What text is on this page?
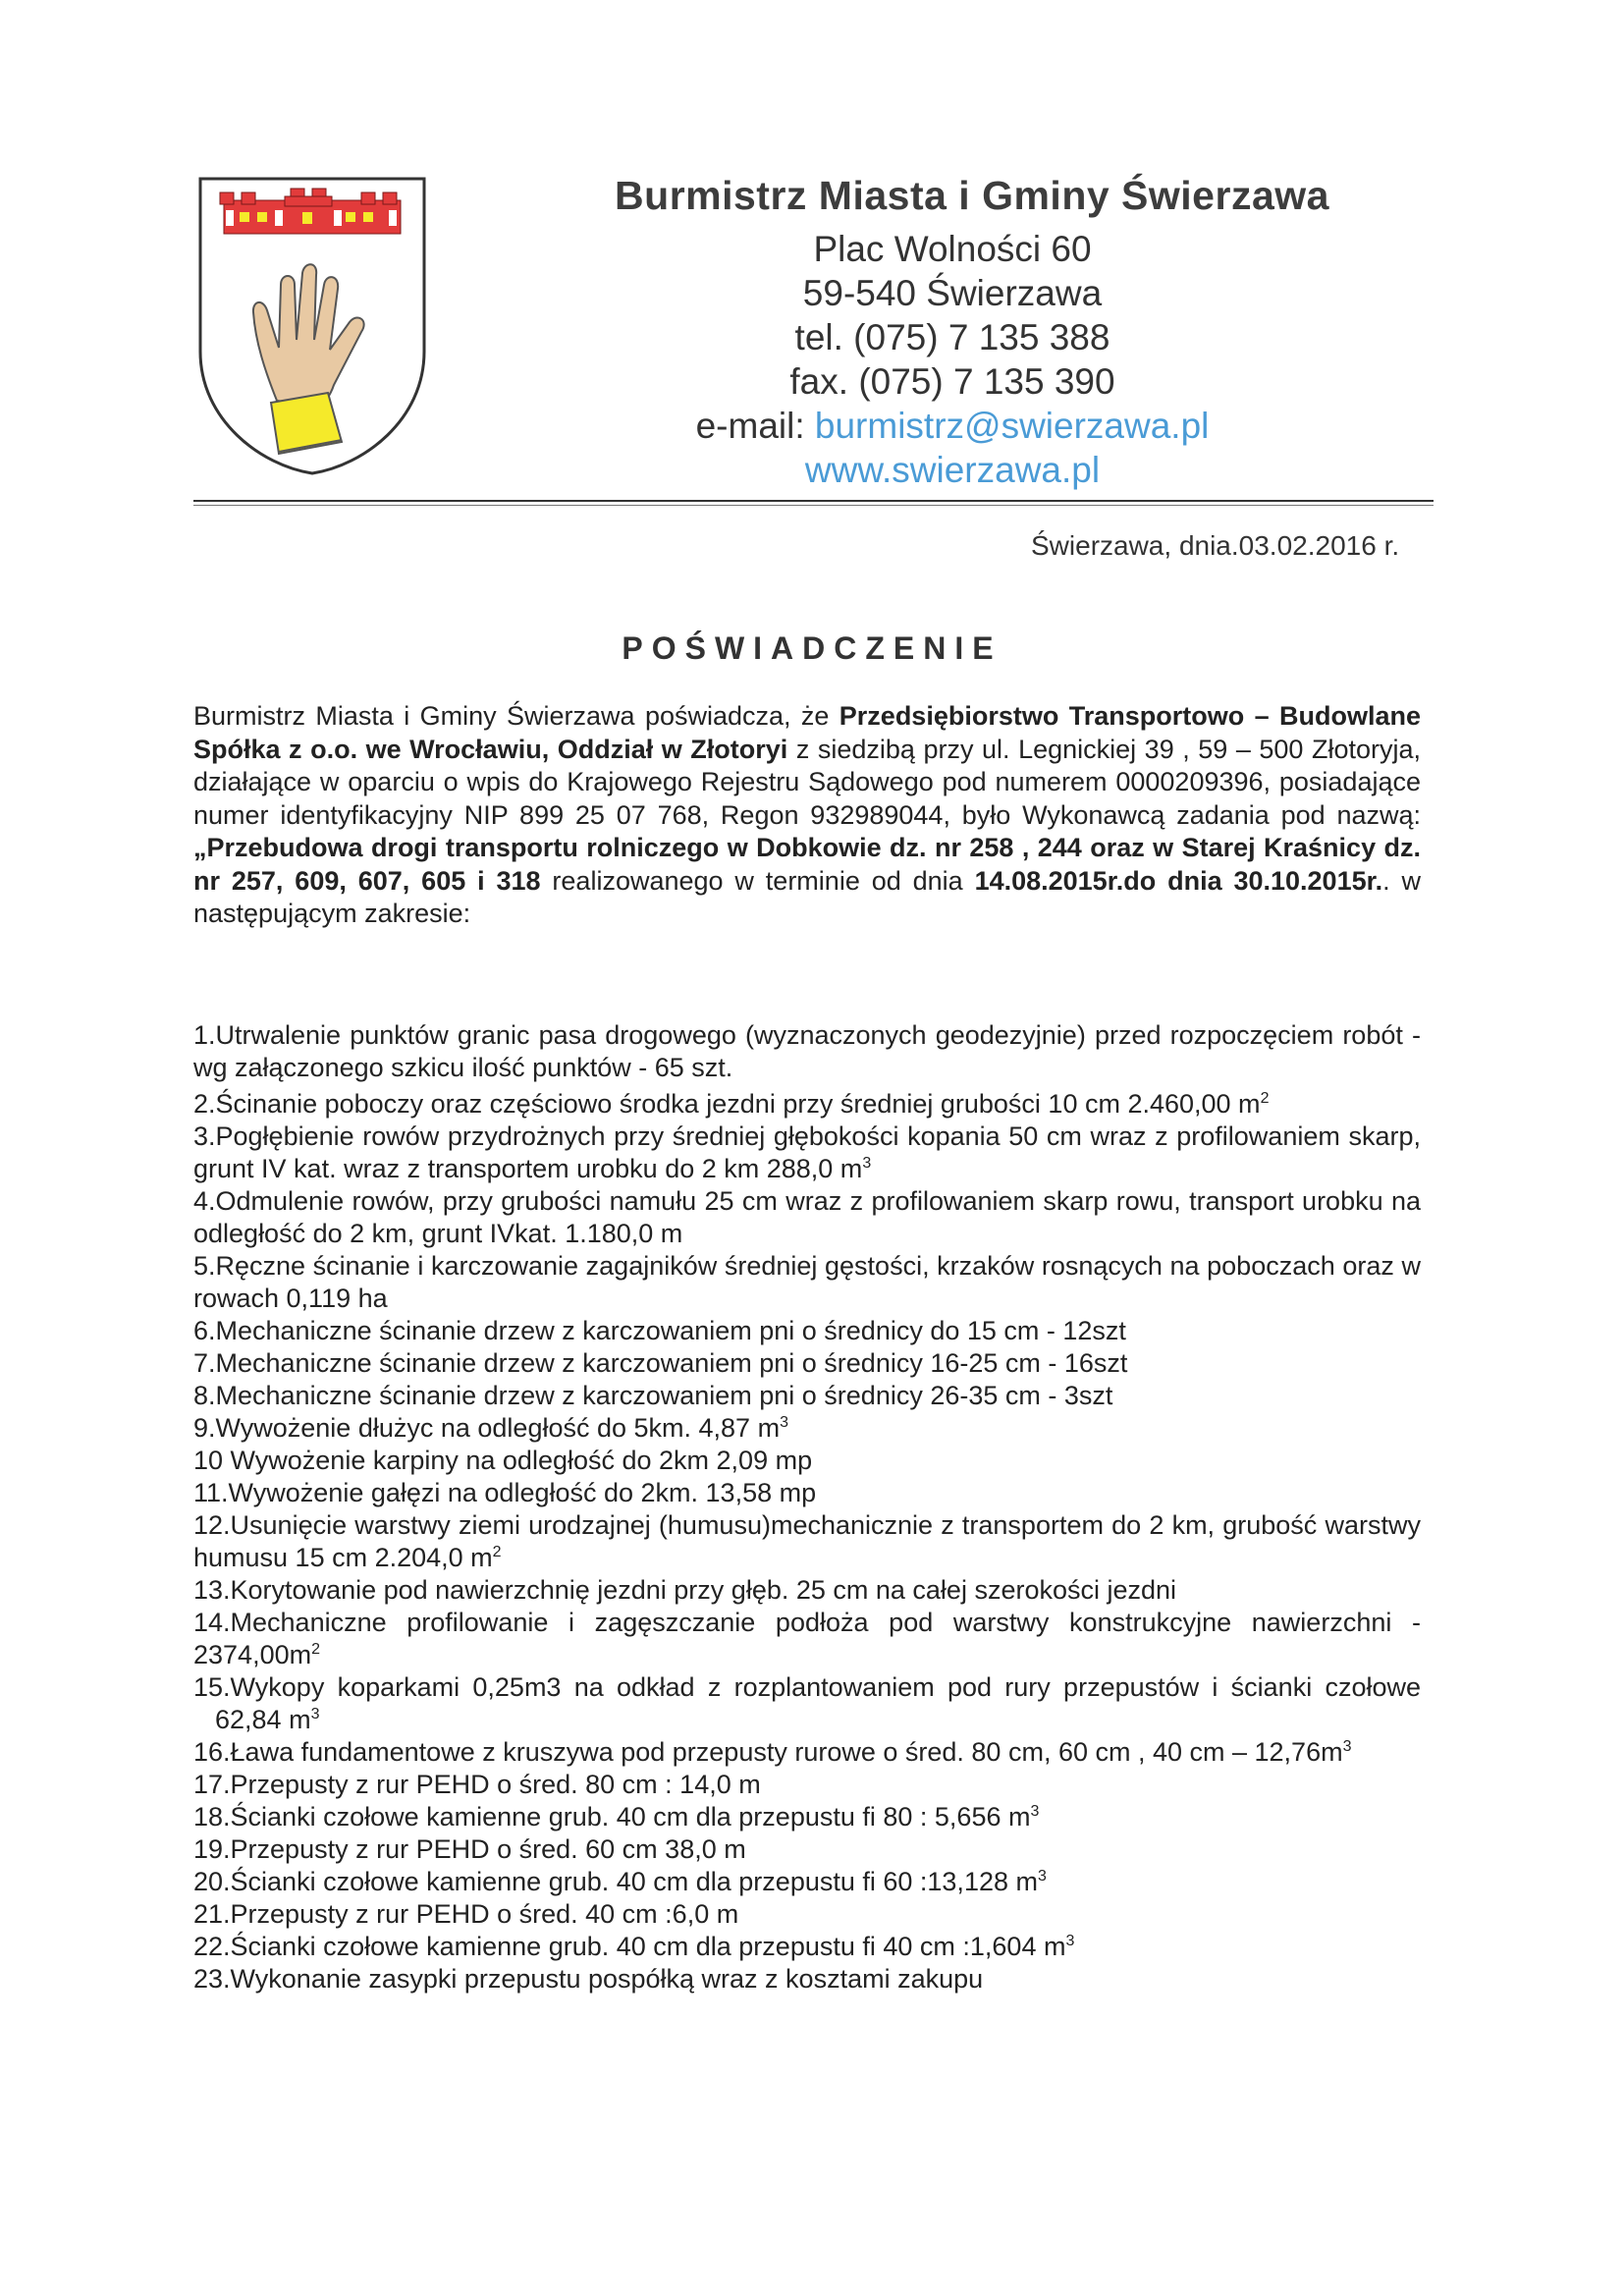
Burmistrz Miasta i Gminy Świerzawa
Plac Wolności 60
59-540 Świerzawa
tel. (075) 7 135 388
fax. (075) 7 135 390
e-mail: burmistrz@swierzawa.pl
www.swierzawa.pl
Świerzawa, dnia.03.02.2016 r.
POŚWIADCZENIE
Burmistrz Miasta i Gminy Świerzawa poświadcza, że Przedsiębiorstwo Transportowo – Budowlane Spółka z o.o. we Wrocławiu, Oddział w Złotoryi z siedzibą przy ul. Legnickiej 39 , 59 – 500 Złotoryja, działające w oparciu o wpis do Krajowego Rejestru Sądowego pod numerem 0000209396, posiadające numer identyfikacyjny NIP 899 25 07 768, Regon 932989044, było Wykonawcą zadania pod nazwą: „Przebudowa drogi transportu rolniczego w Dobkowie dz. nr 258 , 244 oraz w Starej Kraśnicy dz. nr 257, 609, 607, 605 i 318 realizowanego w terminie od dnia 14.08.2015r.do dnia 30.10.2015r.. w następującym zakresie:
1.Utrwalenie punktów granic pasa drogowego (wyznaczonych geodezyjnie) przed rozpoczęciem robót - wg załączonego szkicu ilość punktów - 65 szt.
2.Ścinanie poboczy oraz częściowo środka jezdni przy średniej grubości 10 cm 2.460,00 $m^2$
3.Pogłębienie rowów przydrożnych przy średniej głębokości kopania 50 cm wraz z profilowaniem skarp, grunt IV kat. wraz z transportem urobku do 2 km 288,0 $m^3$
4.Odmulenie rowów, przy grubości namułu 25 cm wraz z profilowaniem skarp rowu, transport urobku na odległość do 2 km, grunt IVkat. 1.180,0 m
5.Ręczne ścinanie i karczowanie zagajników średniej gęstości, krzaków rosnących na poboczach oraz w rowach 0,119 ha
6.Mechaniczne ścinanie drzew z karczowaniem pni o średnicy do 15 cm - 12szt
7.Mechaniczne ścinanie drzew z karczowaniem pni o średnicy 16-25 cm - 16szt
8.Mechaniczne ścinanie drzew z karczowaniem pni o średnicy 26-35 cm - 3szt
9.Wywożenie dłużyc na odległość do 5km. 4,87 $m^3$
10 Wywożenie karpiny na odległość do 2km 2,09 mp
11.Wywożenie gałęzi na odległość do 2km. 13,58 mp
12.Usunięcie warstwy ziemi urodzajnej (humusu)mechanicznie z transportem do 2 km, grubość warstwy humusu 15 cm 2.204,0 $m^2$
13.Korytowanie pod nawierzchnię jezdni przy głęb. 25 cm na całej szerokości jezdni
14.Mechaniczne profilowanie i zagęszczanie podłoża pod warstwy konstrukcyjne nawierzchni - $2374,00m^2$
15.Wykopy koparkami 0,25m3 na odkład z rozplantowaniem pod rury przepustów i ścianki czołowe 62,84 $m^3$
16.Ława fundamentowe z kruszywa pod przepusty rurowe o śred. 80 cm, 60 cm , 40 cm – $12,76m^3$
17.Przepusty z rur PEHD o śred. 80 cm : 14,0 m
18.Ścianki czołowe kamienne grub. 40 cm dla przepustu fi 80 : 5,656 $m^3$
19.Przepusty z rur PEHD o śred. 60 cm 38,0 m
20.Ścianki czołowe kamienne grub. 40 cm dla przepustu fi 60 :13,128 $m^3$
21.Przepusty z rur PEHD o śred. 40 cm :6,0 m
22.Ścianki czołowe kamienne grub. 40 cm dla przepustu fi 40 cm :1,604 $m^3$
23.Wykonanie zasypki przepustu pospółką wraz z kosztami zakupu
